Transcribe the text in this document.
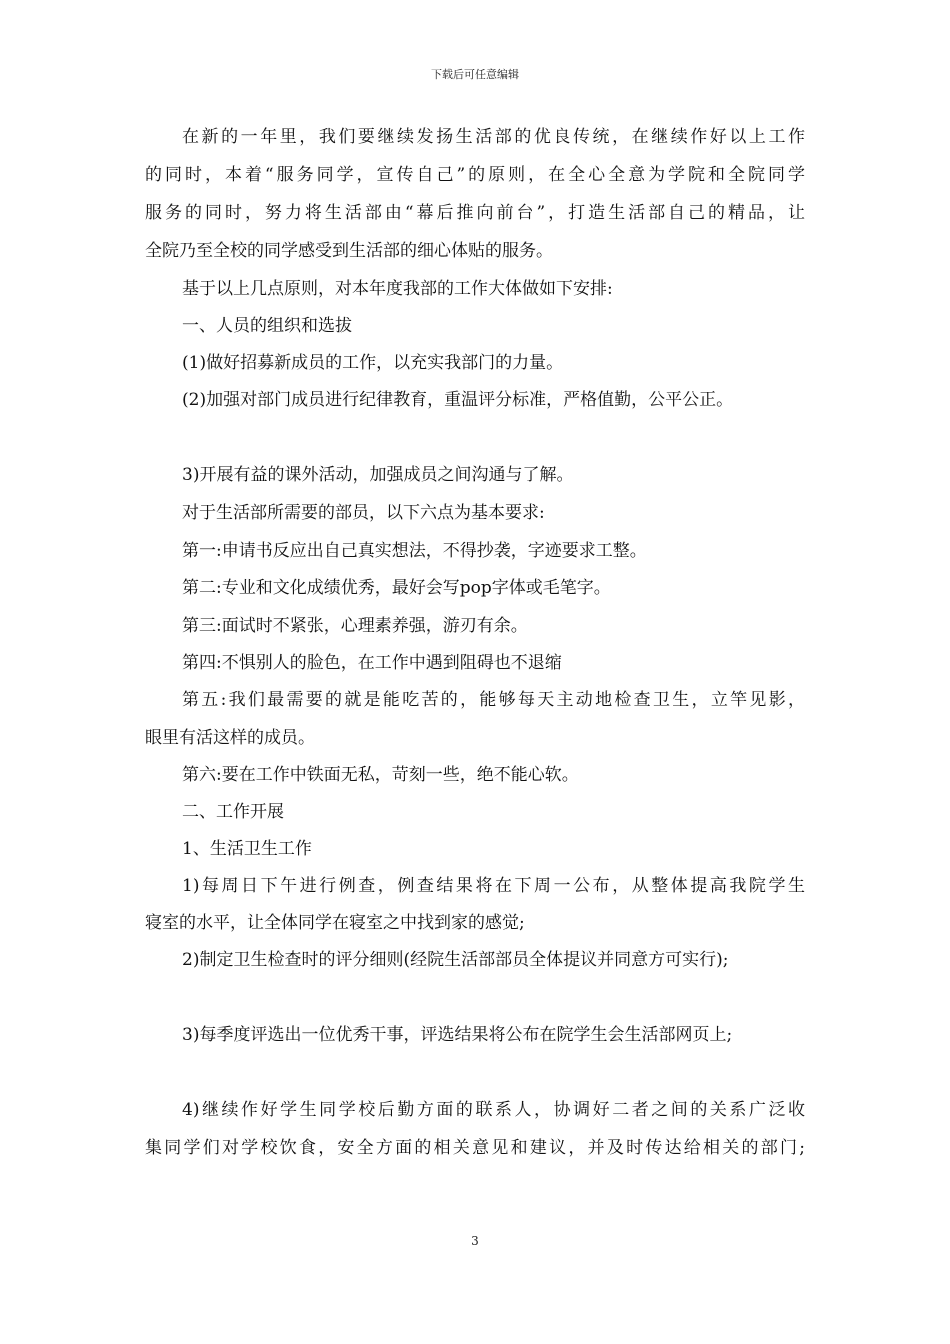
下载后可任意编辑
在新的一年里，我们要继续发扬生活部的优良传统，在继续作好以上工作
的同时，本着“服务同学，宣传自己”的原则，在全心全意为学院和全院同学
服务的同时，努力将生活部由“幕后推向前台”，打造生活部自己的精品，让
全院乃至全校的同学感受到生活部的细心体贴的服务。
基于以上几点原则，对本年度我部的工作大体做如下安排:
一、人员的组织和选拔
(1)做好招募新成员的工作，以充实我部门的力量。
(2)加强对部门成员进行纪律教育，重温评分标准，严格值勤，公平公正。
3)开展有益的课外活动，加强成员之间沟通与了解。
对于生活部所需要的部员，以下六点为基本要求:
第一:申请书反应出自己真实想法，不得抄袭，字迹要求工整。
第二:专业和文化成绩优秀，最好会写pop字体或毛笔字。
第三:面试时不紧张，心理素养强，游刃有余。
第四:不惧别人的脸色，在工作中遇到阻碍也不退缩
第五:我们最需要的就是能吃苦的，能够每天主动地检查卫生，立竿见影，
眼里有活这样的成员。
第六:要在工作中铁面无私，苛刻一些，绝不能心软。
二、工作开展
1、生活卫生工作
1)每周日下午进行例查，例查结果将在下周一公布，从整体提高我院学生
寝室的水平，让全体同学在寝室之中找到家的感觉;
2)制定卫生检查时的评分细则(经院生活部部员全体提议并同意方可实行);
3)每季度评选出一位优秀干事，评选结果将公布在院学生会生活部网页上;
4)继续作好学生同学校后勤方面的联系人，协调好二者之间的关系广泛收
集同学们对学校饮食，安全方面的相关意见和建议，并及时传达给相关的部门;
3
